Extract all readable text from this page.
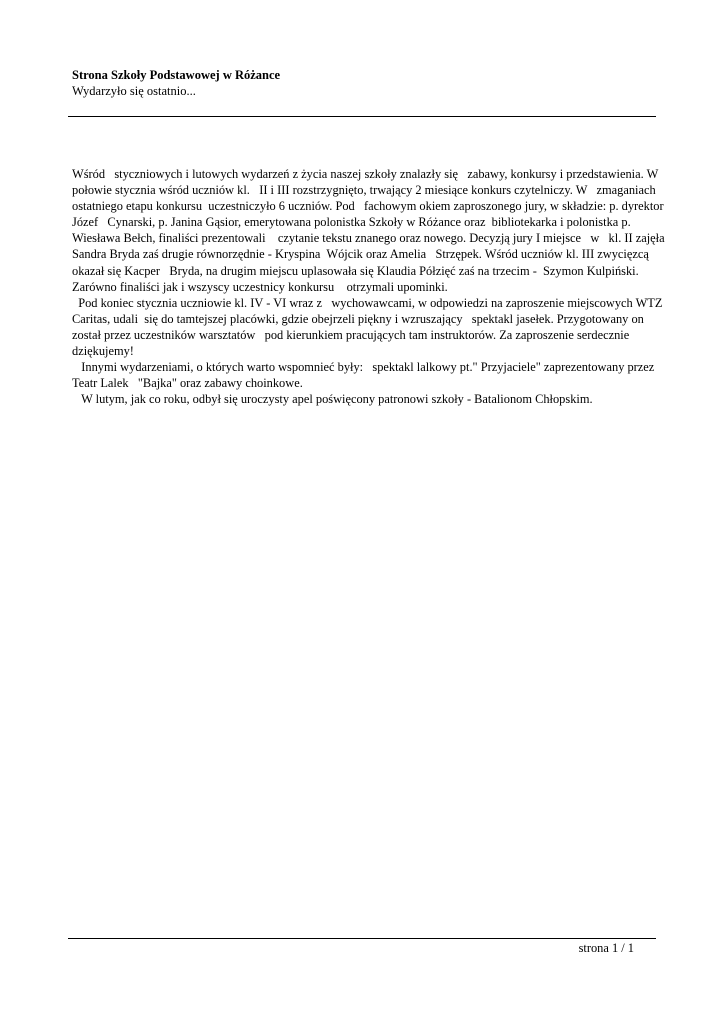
Strona Szkoły Podstawowej w Różance

Wydarzyło się ostatnio...

Wśród   styczniowych i lutowych wydarzeń z życia naszej szkoły znalazły się   zabawy, konkursy i przedstawienia. W
połowie stycznia wśród uczniów kl.   II i III rozstrzygnięto, trwający 2 miesiące konkurs czytelniczy. W   zmaganiach
ostatniego etapu konkursu  uczestniczyło 6 uczniów. Pod   fachowym okiem zaproszonego jury, w składzie: p. dyrektor
Józef   Cynarski, p. Janina Gąsior, emerytowana polonistka Szkoły w Różance oraz  bibliotekarka i polonistka p.
Wiesława Bełch, finaliści prezentowali    czytanie tekstu znanego oraz nowego. Decyzją jury I miejsce   w   kl. II zajęła
Sandra Bryda zaś drugie równorzędnie - Kryspina  Wójcik oraz Amelia   Strzępek. Wśród uczniów kl. III zwycięzcą
okazał się Kacper   Bryda, na drugim miejscu uplasowała się Klaudia Półzięć zaś na trzecim -  Szymon Kulpiński.
Zarówno finaliści jak i wszyscy uczestnicy konkursu    otrzymali upominki.
Pod koniec stycznia uczniowie kl. IV - VI wraz z   wychowawcami, w odpowiedzi na zaproszenie miejscowych WTZ
Caritas, udali  się do tamtejszej placówki, gdzie obejrzeli piękny i wzruszający   spektakl jasełek. Przygotowany on
został przez uczestników warsztatów   pod kierunkiem pracujących tam instruktorów. Za zaproszenie serdecznie
dziękujemy!
Innymi wydarzeniami, o których warto wspomnieć były:   spektakl lalkowy pt." Przyjaciele" zaprezentowany przez
Teatr Lalek   "Bajka" oraz zabawy choinkowe.
W lutym, jak co roku, odbył się uroczysty apel poświęcony patronowi szkoły - Batalionom Chłopskim.
strona 1 / 1
